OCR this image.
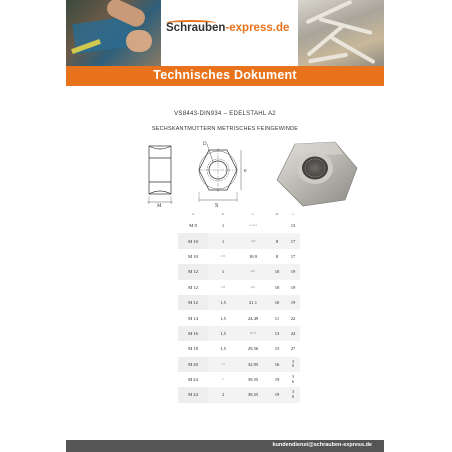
Schrauben-express.de
Technisches Dokument
VS8443-DIN934 – EDELSTAHL A2
SECHSKANTMUTTERN METRISCHES FEINGEWINDE
M
D
e
S
d	P	e	m	s
M 8	1	14.38/8.8		13
M 10	1	18,9	8	17
M 10	125	18.9	8	17
M 12	1	20,1	10	19
M 12	125	20,1	10	19
M 12	1,5	21.1	10	19
M 14	1,5	24,49	11	22
M 16	1,5	26.75	13	24
M 18	1,5	29,56	15	27
M 20	1,5	32,95	16	3
0
M 24	2	39,55	19	3
6
M 24	2	39,55	19	3
6
kundendienst@schrauben-express.de
